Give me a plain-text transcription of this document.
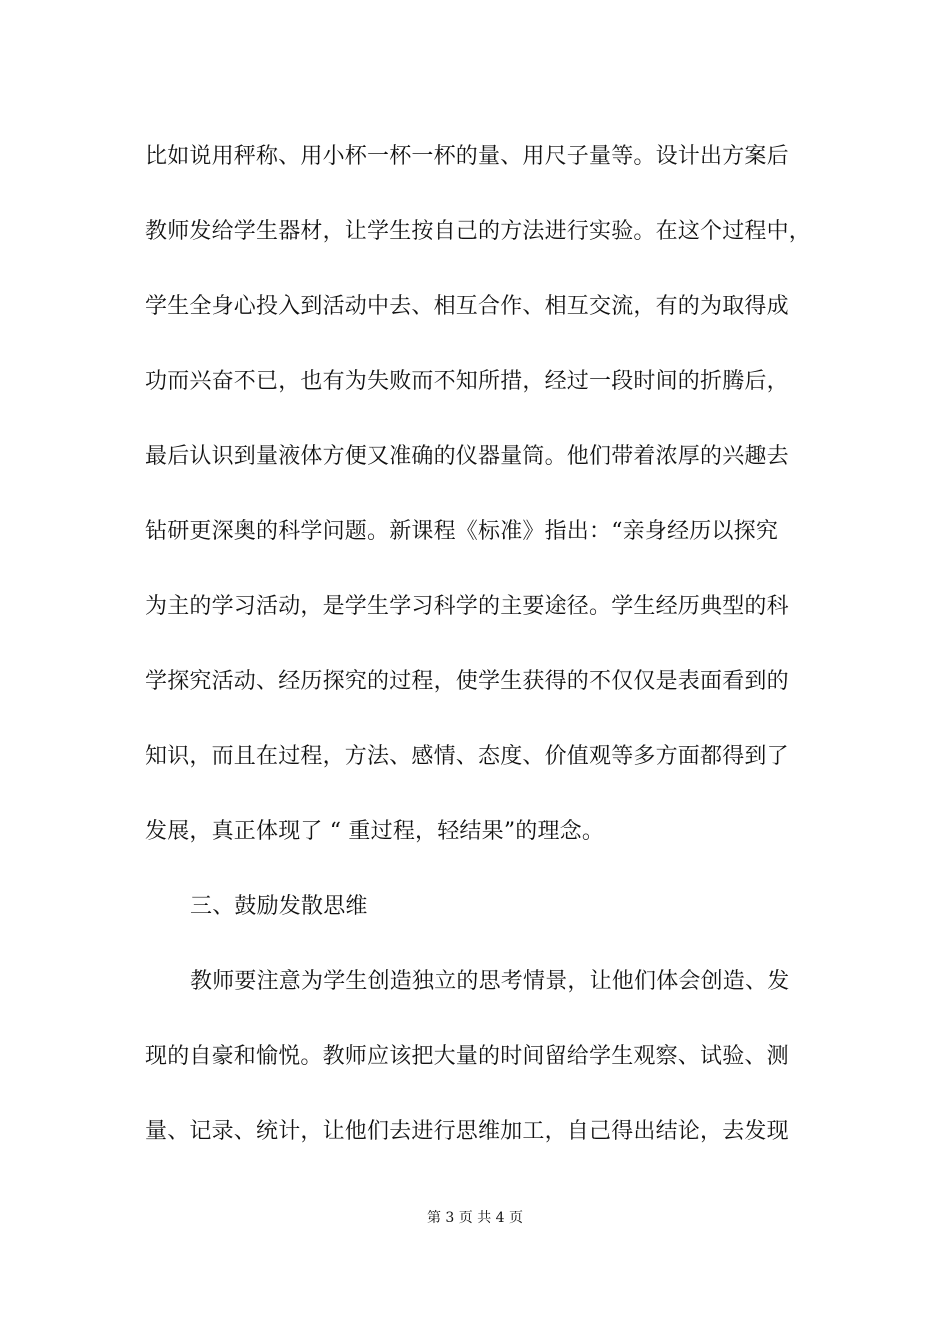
比如说用秤称、用小杯一杯一杯的量、用尺子量等。设计出方案后
教师发给学生器材，让学生按自己的方法进行实验。在这个过程中，
学生全身心投入到活动中去、相互合作、相互交流，有的为取得成
功而兴奋不已，也有为失败而不知所措，经过一段时间的折腾后，
最后认识到量液体方便又准确的仪器量筒。他们带着浓厚的兴趣去
钻研更深奥的科学问题。新课程《标准》指出：“亲身经历以探究
为主的学习活动，是学生学习科学的主要途径。学生经历典型的科
学探究活动、经历探究的过程，使学生获得的不仅仅是表面看到的
知识，而且在过程，方法、感情、态度、价值观等多方面都得到了
发展，真正体现了 “ 重过程，轻结果”的理念。
三、鼓励发散思维
教师要注意为学生创造独立的思考情景，让他们体会创造、发
现的自豪和愉悦。教师应该把大量的时间留给学生观察、试验、测
量、记录、统计，让他们去进行思维加工，自己得出结论，去发现
第 3 页 共 4 页
